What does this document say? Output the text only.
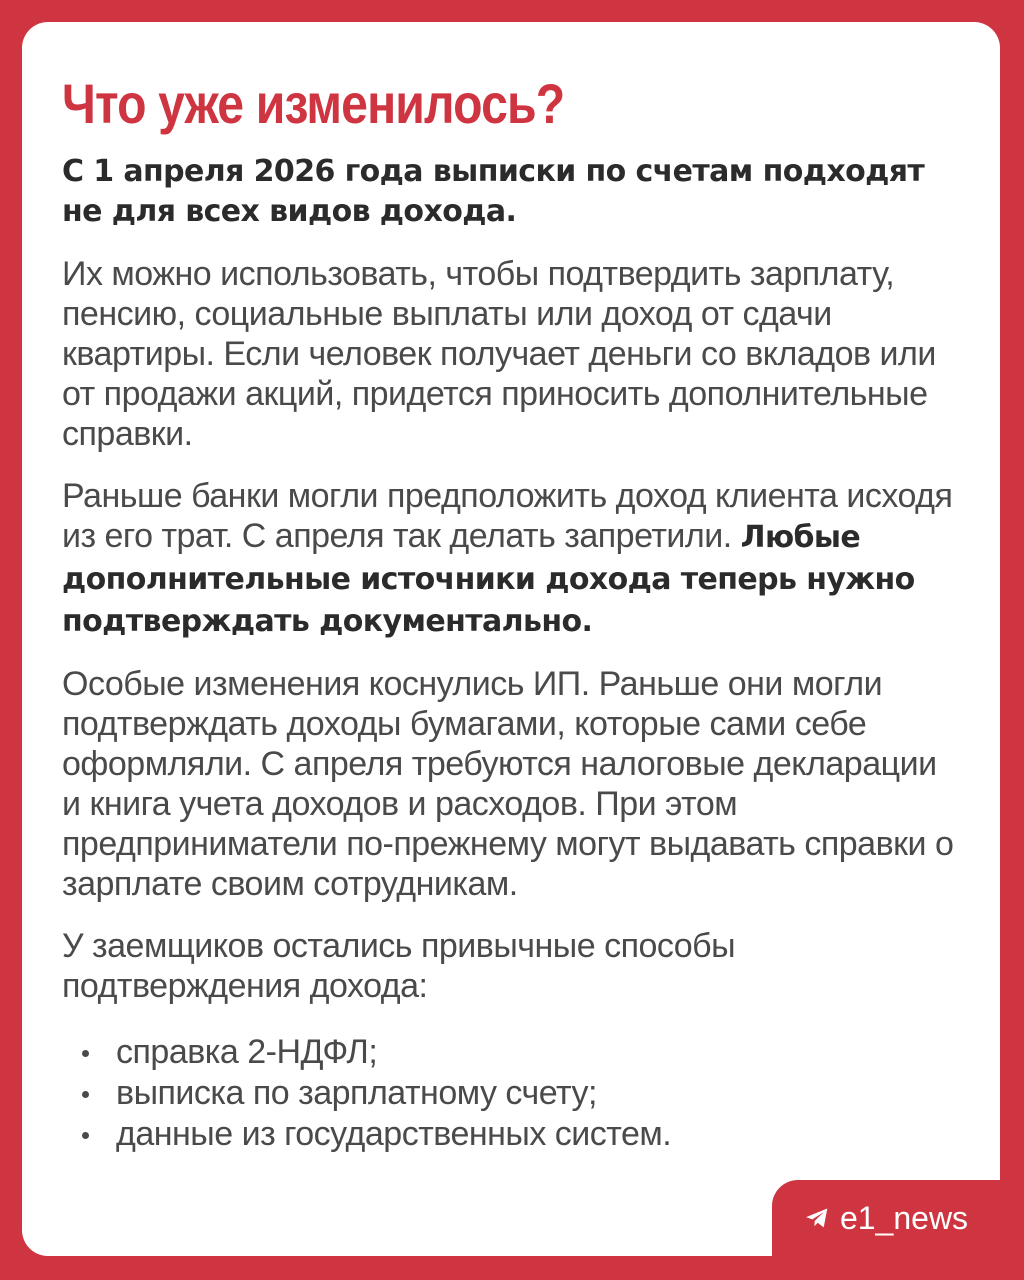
Что уже изменилось?
С 1 апреля 2026 года выписки по счетам подходят не для всех видов дохода.
Их можно использовать, чтобы подтвердить зарплату, пенсию, социальные выплаты или доход от сдачи квартиры. Если человек получает деньги со вкладов или от продажи акций, придется приносить дополнительные справки.
Раньше банки могли предположить доход клиента исходя из его трат. С апреля так делать запретили. Любые дополнительные источники дохода теперь нужно подтверждать документально.
Особые изменения коснулись ИП. Раньше они могли подтверждать доходы бумагами, которые сами себе оформляли. С апреля требуются налоговые декларации и книга учета доходов и расходов. При этом предприниматели по-прежнему могут выдавать справки о зарплате своим сотрудникам.
У заемщиков остались привычные способы подтверждения дохода:
справка 2-НДФЛ;
выписка по зарплатному счету;
данные из государственных систем.
e1_news
